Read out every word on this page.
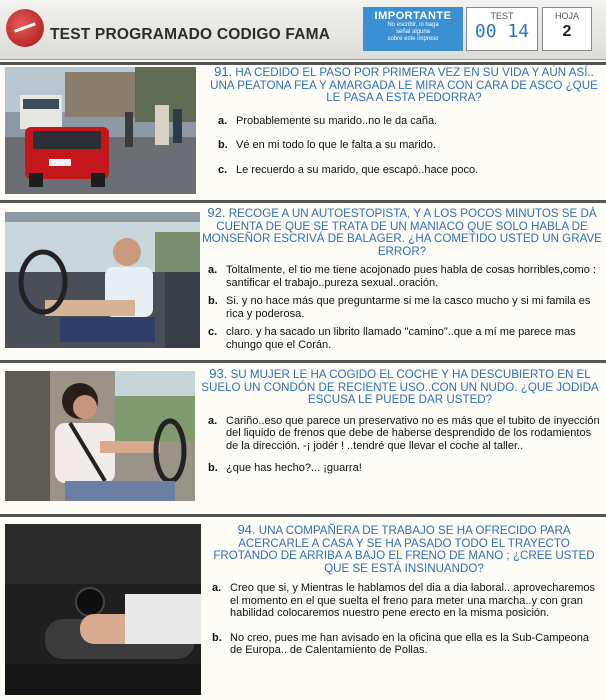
TEST PROGRAMADO CODIGO FAMA
IMPORTANTE
No escribir, ni haga
señal alguna
sobre este impreso
TEST
00 14
HOJA
2
91. HA CEDIDO EL PASO POR PRIMERA VEZ EN SU VIDA Y AÚN ASÍ.. UNA PEATONA FEA Y AMARGADA LE MIRA CON CARA DE ASCO ¿QUE LE PASA A ESTA PEDORRA?
a. Probablemente su marido..no le da caña.
b. Vé en mi todo lo que le falta a su marido.
c. Le recuerdo a su marido, que escapó..hace poco.
92. RECOGE A UN AUTOESTOPISTA, Y A LOS POCOS MINUTOS SE DÁ CUENTA DE QUE SE TRATA DE UN MANIACO QUE SOLO HABLA DE MONSEÑOR ESCRIVÁ DE BALAGER. ¿HA COMETIDO USTED UN GRAVE ERROR?
a. Toltalmente, el tio me tiene acojonado pues habla de cosas horribles,como : santificar el trabajo..pureza sexual..oración.
b. Si. y no hace más que preguntarme si me la casco mucho y si mi famila es rica y poderosa.
c. claro. y ha sacado un librito llamado "camino"..que a mí me parece mas chungo que el Corán.
93. SU MUJER LE HA COGIDO EL COCHE Y HA DESCUBIERTO EN EL SUELO UN CONDÓN DE RECIENTE USO..CON UN NUDO. ¿QUE JODIDA ESCUSA LE PUEDE DAR USTED?
a. Cariño..eso que parece un preservativo no es más que el tubito de inyección del liquido de frenos que debe de haberse desprendido de los rodamientos de la dirección. -¡ jodér ! ..tendré que llevar el coche al taller..
b. ¿que has hecho?... ¡guarra!
94. UNA COMPAÑERA DE TRABAJO SE HA OFRECIDO PARA ACERCARLE A CASA Y SE HA PASADO TODO EL TRAYECTO FROTANDO DE ARRIBA A BAJO EL FRENO DE MANO ; ¿CREE USTED QUE SE ESTÁ INSINUANDO?
a. Creo que si, y Mientras le hablamos del dia a dia laboral.. aprovecharemos el momento en el que suelta el freno para meter una marcha..y con gran habilidad colocaremos nuestro pene erecto en la misma posición.
b. No creo, pues me han avisado en la oficina que ella es la Sub-Campeona de Europa.. de Calentamiento de Pollas.
